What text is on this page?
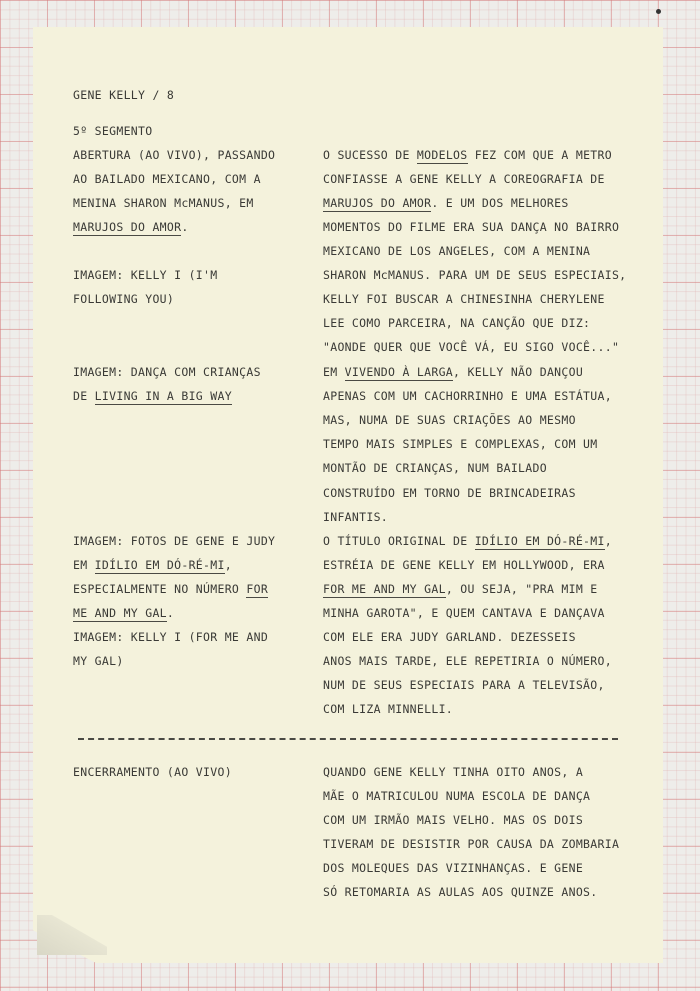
GENE KELLY / 8
5º SEGMENTO
ABERTURA (AO VIVO), PASSANDO
AO BAILADO MEXICANO, COM A
MENINA SHARON McMANUS, EM
MARUJOS DO AMOR.
IMAGEM: KELLY I (I'M
FOLLOWING YOU)
IMAGEM: DANÇA COM CRIANÇAS
DE LIVING IN A BIG WAY
IMAGEM: FOTOS DE GENE E JUDY
EM IDÍLIO EM DÓ-RÉ-MI,
ESPECIALMENTE NO NÚMERO FOR
ME AND MY GAL.
IMAGEM: KELLY I (FOR ME AND
MY GAL)
ENCERRAMENTO (AO VIVO)
O SUCESSO DE MODELOS FEZ COM QUE A METRO
CONFIASSE A GENE KELLY A COREOGRAFIA DE
MARUJOS DO AMOR. E UM DOS MELHORES
MOMENTOS DO FILME ERA SUA DANÇA NO BAIRRO
MEXICANO DE LOS ANGELES, COM A MENINA
SHARON McMANUS. PARA UM DE SEUS ESPECIAIS,
KELLY FOI BUSCAR A CHINESINHA CHERYLENE
LEE COMO PARCEIRA, NA CANÇÃO QUE DIZ:
"AONDE QUER QUE VOCÊ VÁ, EU SIGO VOCÊ..."
EM VIVENDO À LARGA, KELLY NÃO DANÇOU
APENAS COM UM CACHORRINHO E UMA ESTÁTUA,
MAS, NUMA DE SUAS CRIAÇÕES AO MESMO
TEMPO MAIS SIMPLES E COMPLEXAS, COM UM
MONTÃO DE CRIANÇAS, NUM BAILADO
CONSTRUÍDO EM TORNO DE BRINCADEIRAS
INFANTIS.
O TÍTULO ORIGINAL DE IDÍLIO EM DÓ-RÉ-MI,
ESTRÉIA DE GENE KELLY EM HOLLYWOOD, ERA
FOR ME AND MY GAL, OU SEJA, "PRA MIM E
MINHA GAROTA", E QUEM CANTAVA E DANÇAVA
COM ELE ERA JUDY GARLAND. DEZESSEIS
ANOS MAIS TARDE, ELE REPETIRIA O NÚMERO,
NUM DE SEUS ESPECIAIS PARA A TELEVISÃO,
COM LIZA MINNELLI.
QUANDO GENE KELLY TINHA OITO ANOS, A
MÃE O MATRICULOU NUMA ESCOLA DE DANÇA
COM UM IRMÃO MAIS VELHO. MAS OS DOIS
TIVERAM DE DESISTIR POR CAUSA DA ZOMBARIA
DOS MOLEQUES DAS VIZINHANÇAS. E GENE
SÓ RETOMARIA AS AULAS AOS QUINZE ANOS.
